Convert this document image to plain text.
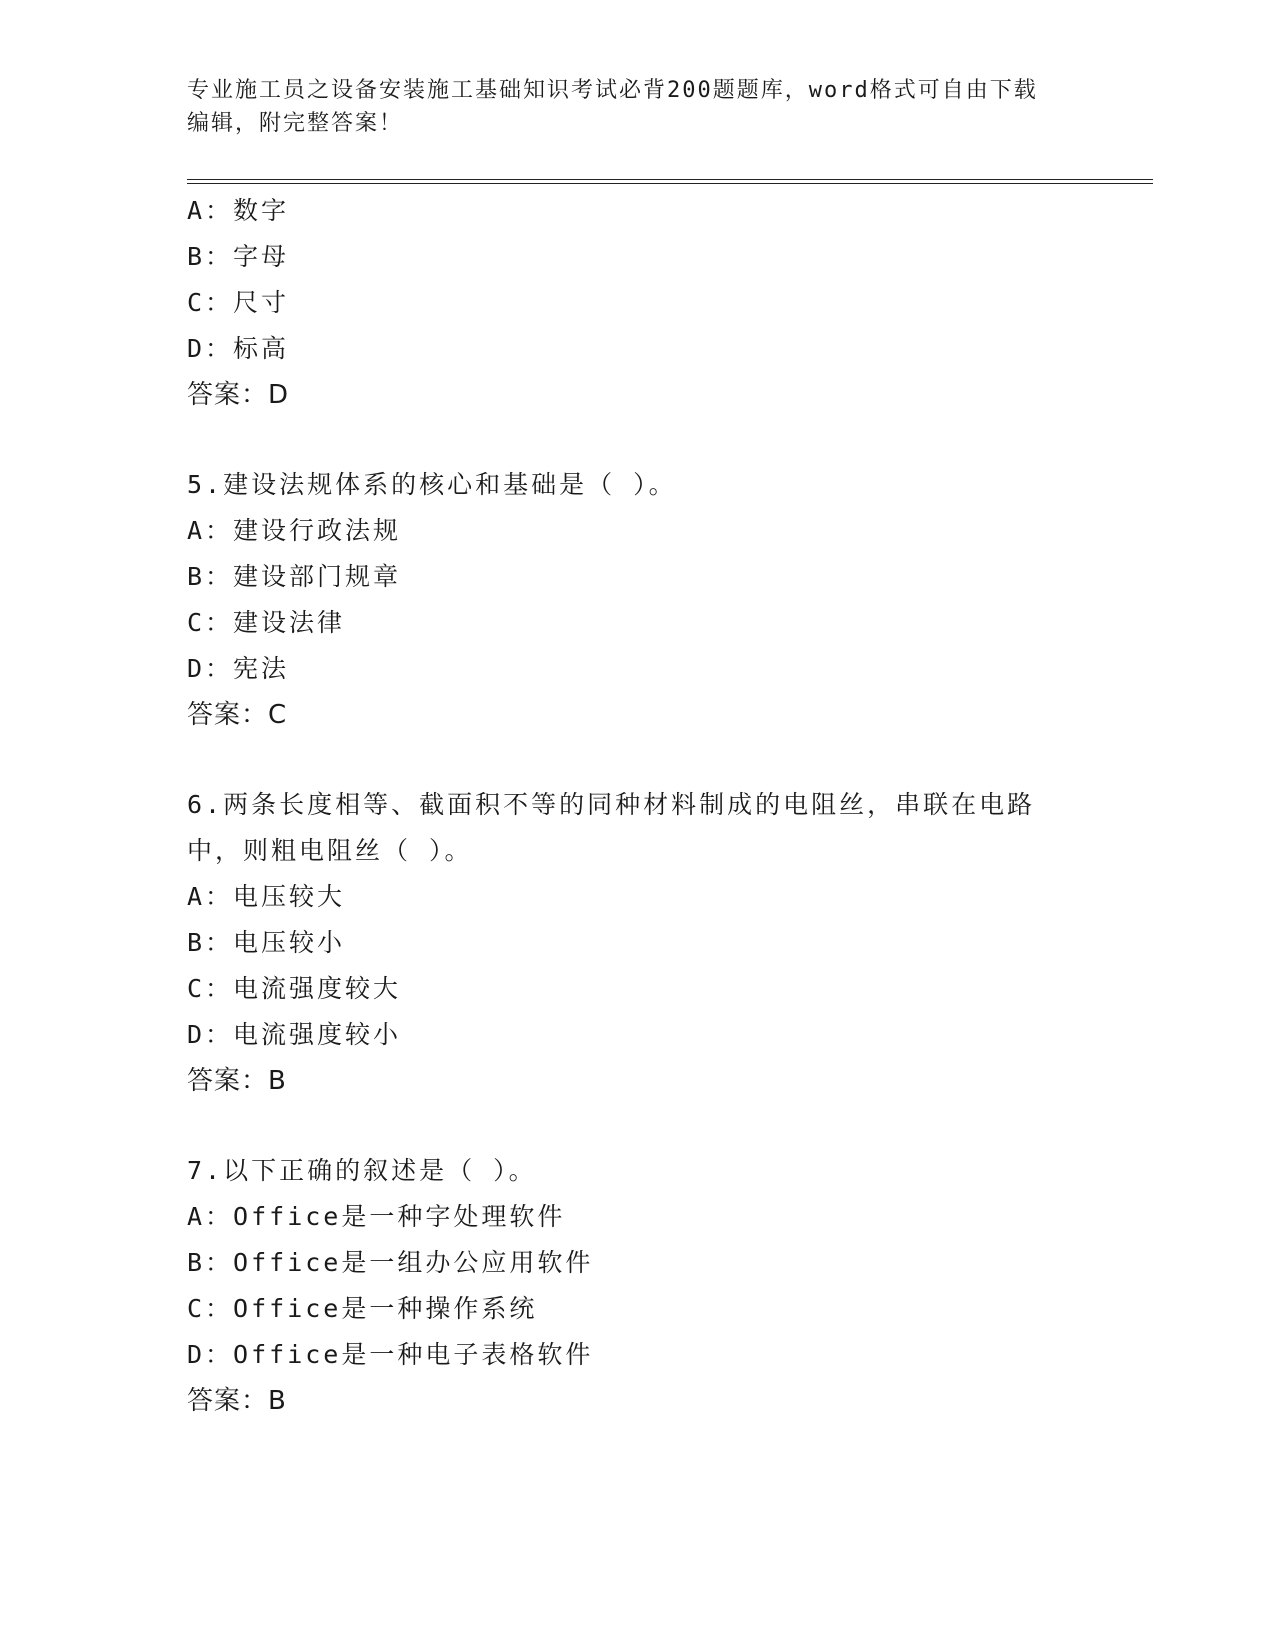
专业施工员之设备安装施工基础知识考试必背200题题库，word格式可自由下载
编辑，附完整答案！
A：数字
B：字母
C：尺寸
D：标高
答案：D
5.建设法规体系的核心和基础是（ ）。
A：建设行政法规
B：建设部门规章
C：建设法律
D：宪法
答案：C
6.两条长度相等、截面积不等的同种材料制成的电阻丝，串联在电路
中，则粗电阻丝（ ）。
A：电压较大
B：电压较小
C：电流强度较大
D：电流强度较小
答案：B
7.以下正确的叙述是（ ）。
A：Office是一种字处理软件
B：Office是一组办公应用软件
C：Office是一种操作系统
D：Office是一种电子表格软件
答案：B
